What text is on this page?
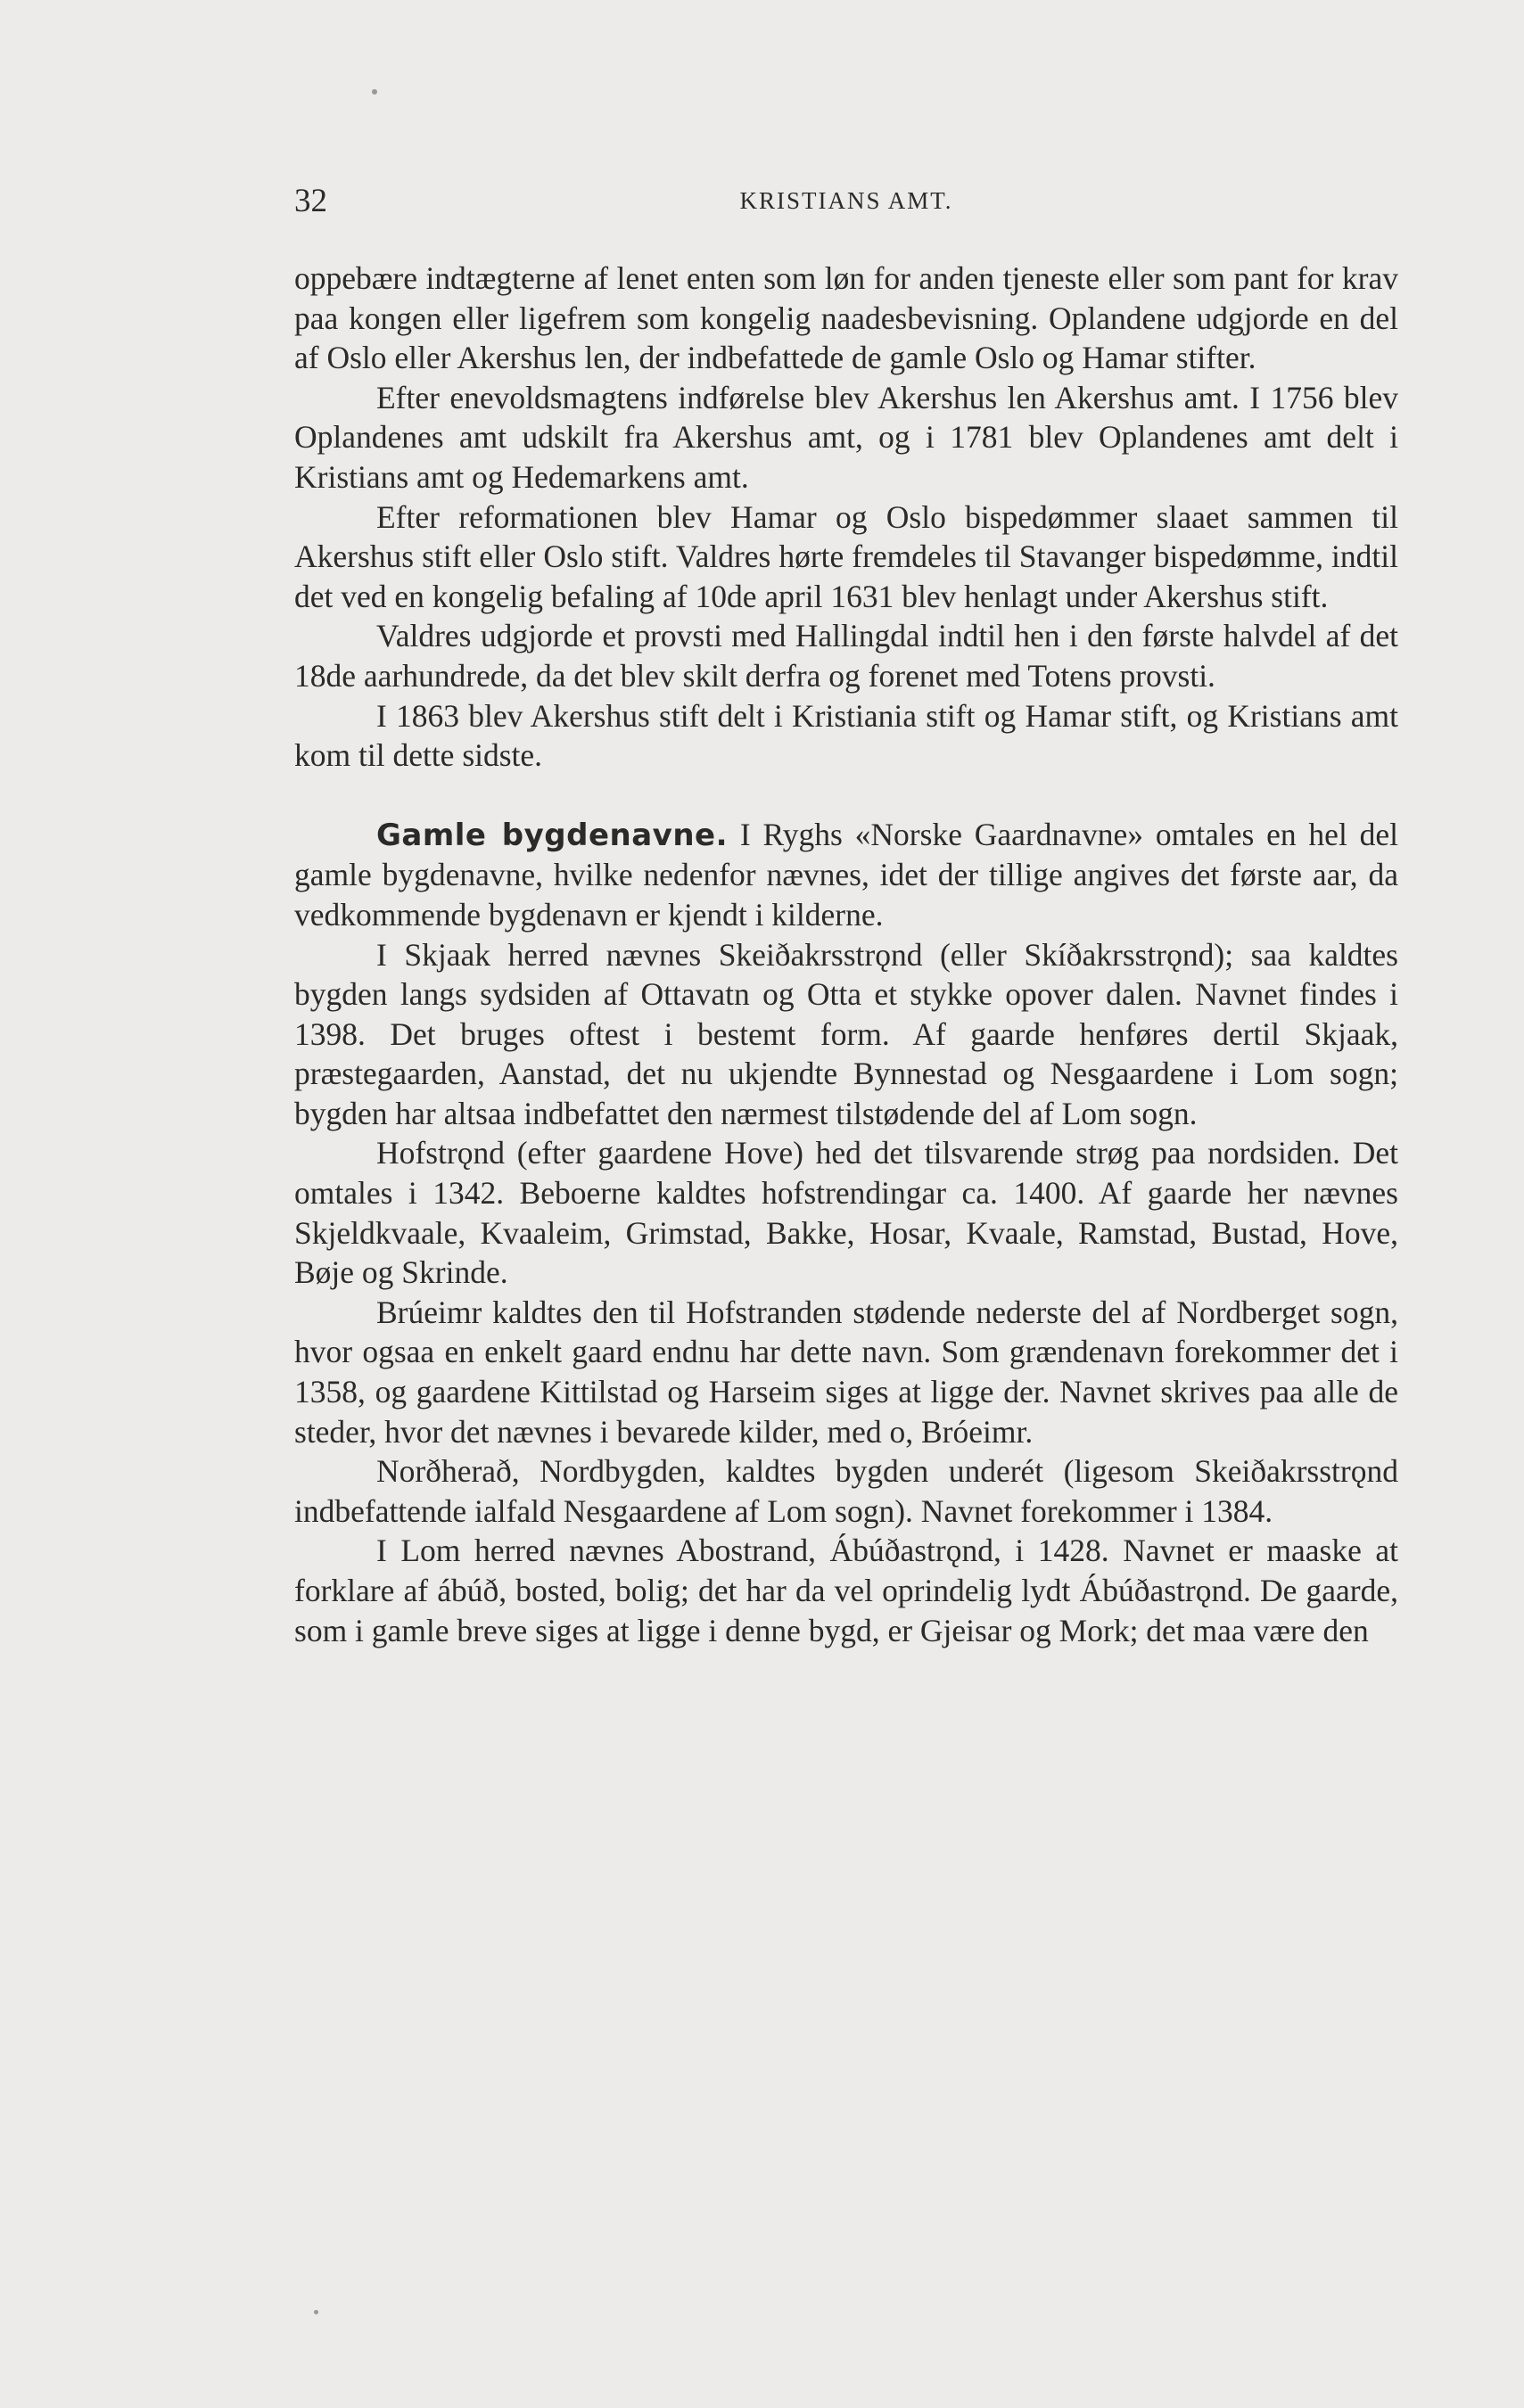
32	KRISTIANS AMT.

oppebære indtægterne af lenet enten som løn for anden tjeneste eller som pant for krav paa kongen eller ligefrem som kongelig naadesbevisning. Oplandene udgjorde en del af Oslo eller Akershus len, der indbefattede de gamle Oslo og Hamar stifter.

Efter enevoldsmagtens indførelse blev Akershus len Akershus amt. I 1756 blev Oplandenes amt udskilt fra Akershus amt, og i 1781 blev Oplandenes amt delt i Kristians amt og Hedemarkens amt.

Efter reformationen blev Hamar og Oslo bispedømmer slaaet sammen til Akershus stift eller Oslo stift. Valdres hørte fremdeles til Stavanger bispedømme, indtil det ved en kongelig befaling af 10de april 1631 blev henlagt under Akershus stift.

Valdres udgjorde et provsti med Hallingdal indtil hen i den første halvdel af det 18de aarhundrede, da det blev skilt derfra og forenet med Totens provsti.

I 1863 blev Akershus stift delt i Kristiania stift og Hamar stift, og Kristians amt kom til dette sidste.

Gamle bygdenavne. I Ryghs «Norske Gaardnavne» omtales en hel del gamle bygdenavne, hvilke nedenfor nævnes, idet der tillige angives det første aar, da vedkommende bygdenavn er kjendt i kilderne.

I Skjaak herred nævnes Skeiðakrsstrǫnd (eller Skíðakrsstrǫnd); saa kaldtes bygden langs sydsiden af Ottavatn og Otta et stykke opover dalen. Navnet findes i 1398. Det bruges oftest i bestemt form. Af gaarde henføres dertil Skjaak, præstegaarden, Aanstad, det nu ukjendte Bynnestad og Nesgaardene i Lom sogn; bygden har altsaa indbefattet den nærmest tilstødende del af Lom sogn.

Hofstrǫnd (efter gaardene Hove) hed det tilsvarende strøg paa nordsiden. Det omtales i 1342. Beboerne kaldtes hofstrendingar ca. 1400. Af gaarde her nævnes Skjeldkvaale, Kvaaleim, Grimstad, Bakke, Hosar, Kvaale, Ramstad, Bustad, Hove, Bøje og Skrinde.

Brúeimr kaldtes den til Hofstranden stødende nederste del af Nordberget sogn, hvor ogsaa en enkelt gaard endnu har dette navn. Som grændenavn forekommer det i 1358, og gaardene Kittilstad og Harseim siges at ligge der. Navnet skrives paa alle de steder, hvor det nævnes i bevarede kilder, med o, Bróeimr.

Norðherað, Nordbygden, kaldtes bygden underét (ligesom Skeiðakrsstrǫnd indbefattende ialfald Nesgaardene af Lom sogn). Navnet forekommer i 1384.

I Lom herred nævnes Abostrand, Ábúðastrǫnd, i 1428. Navnet er maaske at forklare af ábúð, bosted, bolig; det har da vel oprindelig lydt Ábúðastrǫnd. De gaarde, som i gamle breve siges at ligge i denne bygd, er Gjeisar og Mork; det maa være den
